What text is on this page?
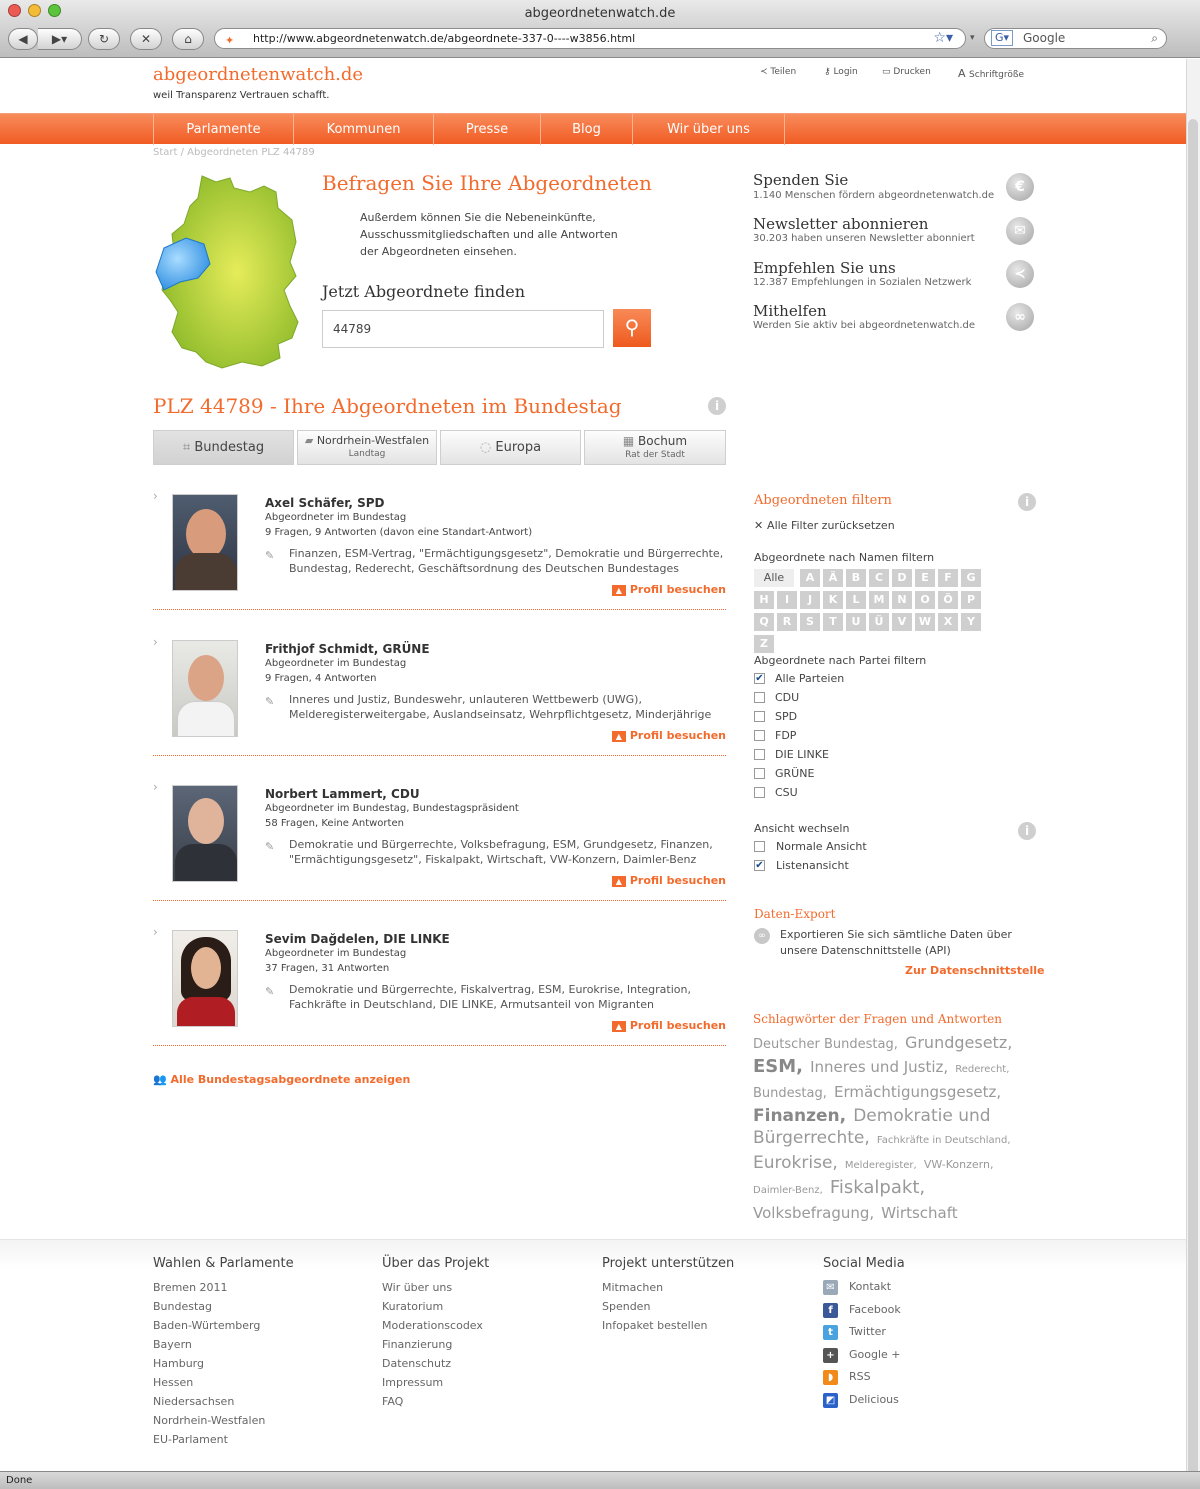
abgeordnetenwatch.de
◀ ▶▾	↻	✕	⌂	✦	http://www.abgeordnetenwatch.de/abgeordnete-337-0----w3856.html	☆▾ ▾	G▾	Google	⌕
abgeordnetenwatch.de
weil Transparenz Vertrauen schafft.
≺ Teilen	⚷ Login	▭ Drucken A Schriftgröße
Parlamente	Kommunen	Presse	Blog	Wir über uns
Start / Abgeordneten PLZ 44789
Befragen Sie Ihre Abgeordneten
Außerdem können Sie die Nebeneinkünfte, Ausschussmitgliedschaften und alle Antworten der Abgeordneten einsehen.
Jetzt Abgeordnete finden
44789
⚲
Spenden Sie
1.140 Menschen fördern abgeordnetenwatch.de
€
Newsletter abonnieren
30.203 haben unseren Newsletter abonniert	✉
Empfehlen Sie uns
12.387 Empfehlungen in Sozialen Netzwerk
≺
Mithelfen
Werden Sie aktiv bei abgeordnetenwatch.de
∞
PLZ 44789 - Ihre Abgeordneten im Bundestag	i
⌗ Bundestag	▰ Nordrhein-Westfalen
Landtag	◌ Europa	▦ Bochum
Rat der Stadt
›	Axel Schäfer, SPD
Abgeordneter im Bundestag
9 Fragen, 9 Antworten (davon eine Standart-Antwort)
✎ Finanzen, ESM-Vertrag, "Ermächtigungsgesetz", Demokratie und Bürgerrechte, Bundestag, Rederecht, Geschäftsordnung des Deutschen Bundestages
▲ Profil besuchen
›	Frithjof Schmidt, GRÜNE
Abgeordneter im Bundestag
9 Fragen, 4 Antworten
✎ Inneres und Justiz, Bundeswehr, unlauteren Wettbewerb (UWG), Melderegisterweitergabe, Auslandseinsatz, Wehrpflichtgesetz, Minderjährige
▲ Profil besuchen
›	Norbert Lammert, CDU
Abgeordneter im Bundestag, Bundestagspräsident
58 Fragen, Keine Antworten
✎ Demokratie und Bürgerrechte, Volksbefragung, ESM, Grundgesetz, Finanzen, "Ermächtigungsgesetz", Fiskalpakt, Wirtschaft, VW-Konzern, Daimler-Benz
▲ Profil besuchen
›	Sevim Dağdelen, DIE LINKE
Abgeordneter im Bundestag
37 Fragen, 31 Antworten
✎ Demokratie und Bürgerrechte, Fiskalvertrag, ESM, Eurokrise, Integration, Fachkräfte in Deutschland, DIE LINKE, Armutsanteil von Migranten
▲ Profil besuchen
👥 Alle Bundestagsabgeordnete anzeigen
Abgeordneten filtern	i
✕ Alle Filter zurücksetzen
Abgeordnete nach Namen filtern
Alle	A	Ä	B	C	D	E	F	G
H	I	J	K	L	M	N	O	Ö	P
Q	R	S	T	U	Ü	V	W	X	Y
Z
Abgeordnete nach Partei filtern
✔ Alle Parteien
CDU
SPD
FDP
DIE LINKE
GRÜNE
CSU
Ansicht wechseln	i
Normale Ansicht
✔ Listenansicht
Daten-Export
∞	Exportieren Sie sich sämtliche Daten über unsere Datenschnittstelle (API)
Zur Datenschnittstelle
Schlagwörter der Fragen und Antworten
Deutscher Bundestag, Grundgesetz, ESM, Inneres und Justiz, Rederecht, Bundestag, Ermächtigungsgesetz, Finanzen, Demokratie und Bürgerrechte, Fachkräfte in Deutschland, Eurokrise, Melderegister, VW-Konzern, Daimler-Benz, Fiskalpakt, Volksbefragung, Wirtschaft
Wahlen & Parlamente
Bremen 2011
Bundestag
Baden-Würtemberg
Bayern
Hamburg
Hessen
Niedersachsen
Nordrhein-Westfalen
EU-Parlament
Über das Projekt
Wir über uns
Kuratorium
Moderationscodex
Finanzierung
Datenschutz
Impressum
FAQ
Projekt unterstützen
Mitmachen
Spenden
Infopaket bestellen
Social Media
✉	Kontakt
f	Facebook
t	Twitter
+	Google +
◗	RSS
◩ Delicious
Done
